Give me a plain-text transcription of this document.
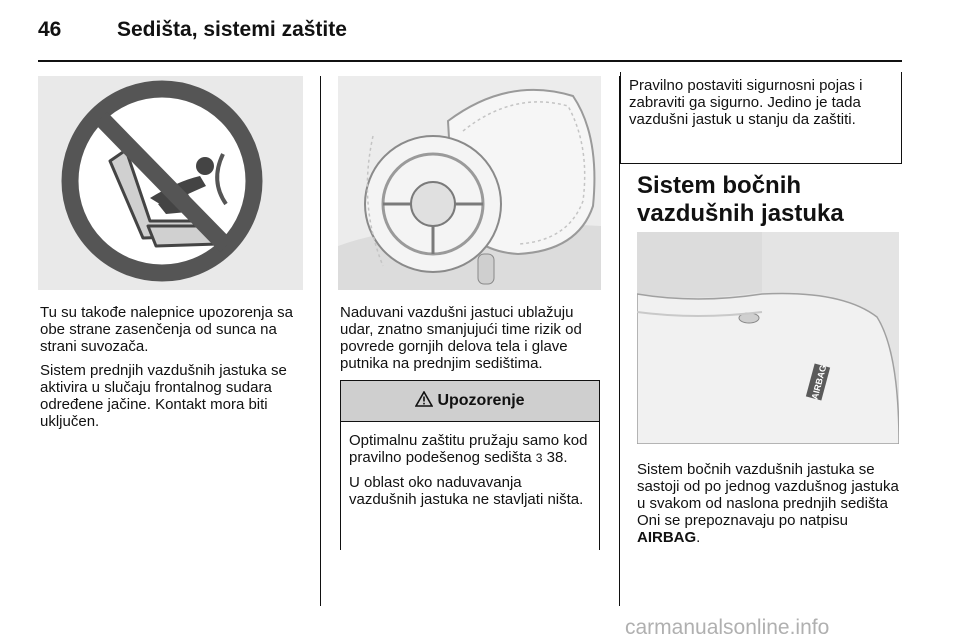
46	Sedišta, sistemi zaštite

Tu su takođe nalepnice upozorenja sa obe strane zasenčenja od sunca na strani suvozača.

Sistem prednjih vazdušnih jastuka se aktivira u slučaju frontalnog sudara određene jačine. Kontakt mora biti uključen.

Naduvani vazdušni jastuci ublažuju udar, znatno smanjujući time rizik od povrede gornjih delova tela i glave putnika na prednjim sedištima.

Upozorenje

Optimalnu zaštitu pružaju samo kod pravilno podešenog sedišta 3 38.

U oblast oko naduvavanja vazdušnih jastuka ne stavljati ništa.

Pravilno postaviti sigurnosni pojas i zabraviti ga sigurno. Jedino je tada vazdušni jastuk u stanju da zaštiti.
Sistem bočnih vazdušnih jastuka
AIRBAG

Sistem bočnih vazdušnih jastuka se sastoji od po jednog vazdušnog jastuka u svakom od naslona prednjih sedišta Oni se prepoznavaju po natpisu AIRBAG.

carmanualsonline.info
